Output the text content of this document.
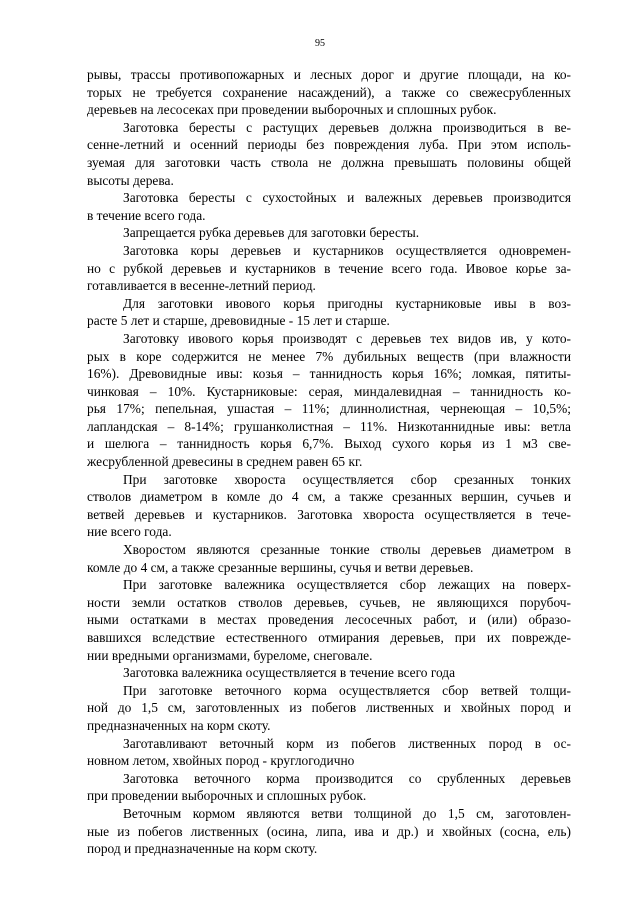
95
рывы, трассы противопожарных и лесных дорог и другие площади, на ко-
торых не требуется сохранение насаждений), а также со свежесрубленных
деревьев на лесосеках при проведении выборочных и сплошных рубок.
Заготовка бересты с растущих деревьев должна производиться в ве-
сенне-летний и осенний периоды без повреждения луба. При этом исполь-
зуемая для заготовки часть ствола не должна превышать половины общей
высоты дерева.
Заготовка бересты с сухостойных и валежных деревьев производится
в течение всего года.
Запрещается рубка деревьев для заготовки бересты.
Заготовка коры деревьев и кустарников осуществляется одновремен-
но с рубкой деревьев и кустарников в течение всего года. Ивовое корье за-
готавливается в весенне-летний период.
Для заготовки ивового корья пригодны кустарниковые ивы в воз-
расте 5 лет и старше, древовидные - 15 лет и старше.
Заготовку ивового корья производят с деревьев тех видов ив, у кото-
рых в коре содержится не менее 7% дубильных веществ (при влажности
16%). Древовидные ивы: козья – таннидность корья 16%; ломкая, пятиты-
чинковая – 10%. Кустарниковые: серая, миндалевидная – таннидность ко-
рья 17%; пепельная, ушастая – 11%; длиннолистная, чернеющая – 10,5%;
лапландская – 8-14%; грушанколистная – 11%. Низкотаннидные ивы: ветла
и шелюга – таннидность корья 6,7%. Выход сухого корья из 1 м3 све-
жесрубленной древесины в среднем равен 65 кг.
При заготовке хвороста осуществляется сбор срезанных тонких
стволов диаметром в комле до 4 см, а также срезанных вершин, сучьев и
ветвей деревьев и кустарников. Заготовка хвороста осуществляется в тече-
ние всего года.
Хворостом являются срезанные тонкие стволы деревьев диаметром в
комле до 4 см, а также срезанные вершины, сучья и ветви деревьев.
При заготовке валежника осуществляется сбор лежащих на поверх-
ности земли остатков стволов деревьев, сучьев, не являющихся порубоч-
ными остатками в местах проведения лесосечных работ, и (или) образо-
вавшихся вследствие естественного отмирания деревьев, при их поврежде-
нии вредными организмами, буреломе, снеговале.
Заготовка валежника осуществляется в течение всего года
При заготовке веточного корма осуществляется сбор ветвей толщи-
ной до 1,5 см, заготовленных из побегов лиственных и хвойных пород и
предназначенных на корм скоту.
Заготавливают веточный корм из побегов лиственных пород в ос-
новном летом, хвойных пород - круглогодично
Заготовка веточного корма производится со срубленных деревьев
при проведении выборочных и сплошных рубок.
Веточным кормом являются ветви толщиной до 1,5 см, заготовлен-
ные из побегов лиственных (осина, липа, ива и др.) и хвойных (сосна, ель)
пород и предназначенные на корм скоту.
